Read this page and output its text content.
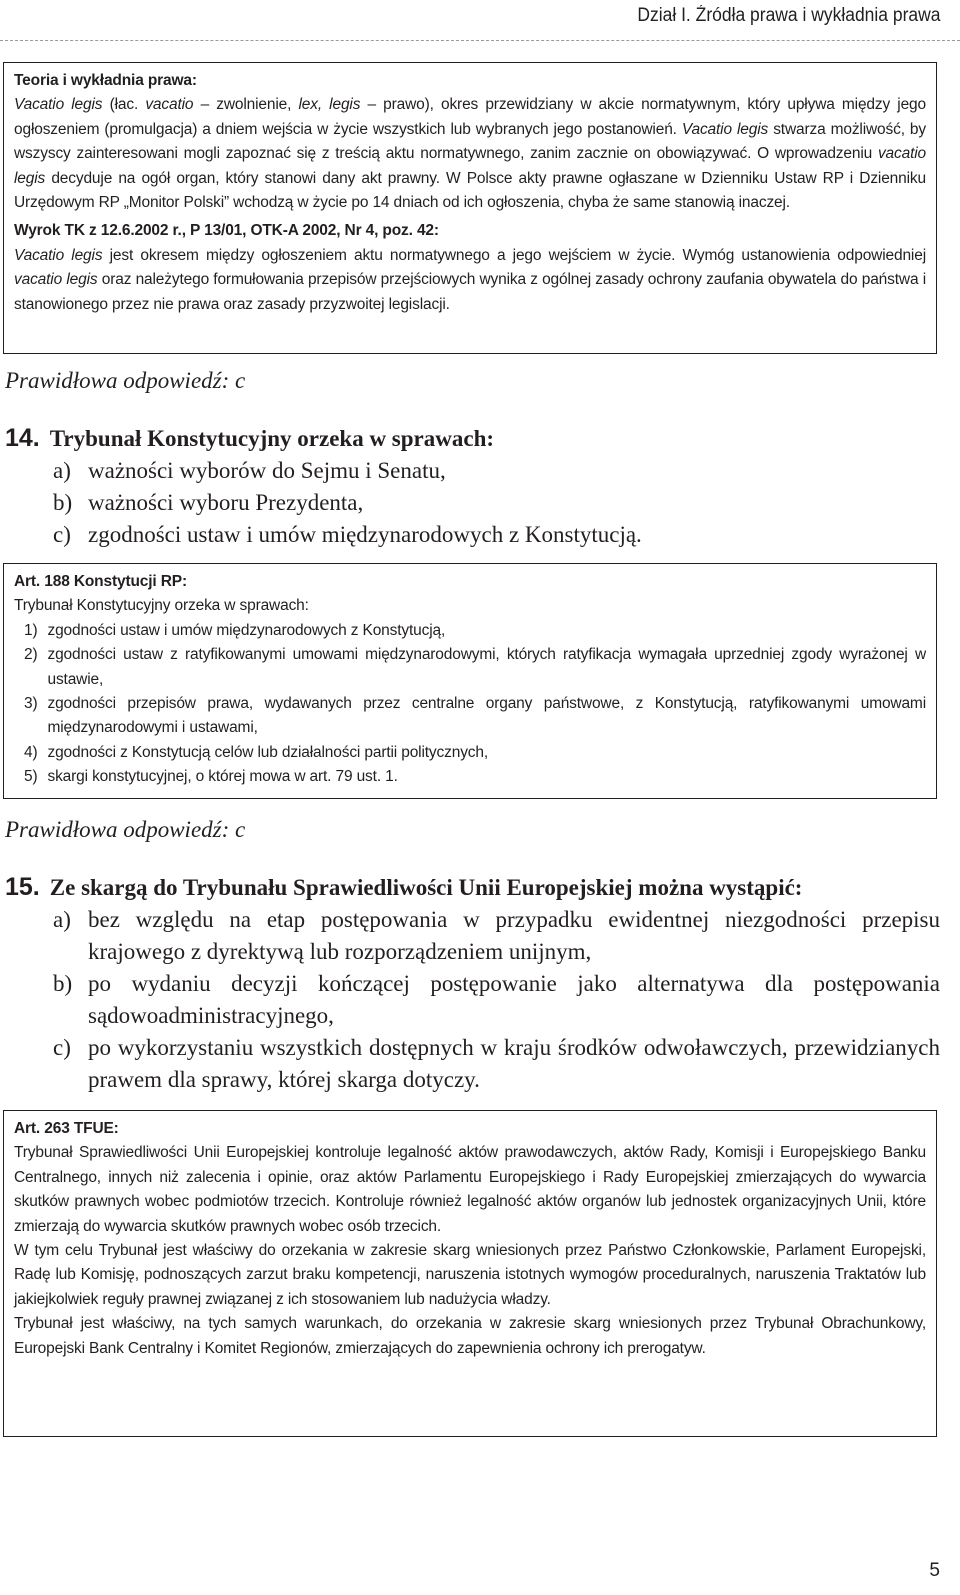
Dział I. Źródła prawa i wykładnia prawa

Teoria i wykładnia prawa:

Vacatio legis (łac. vacatio – zwolnienie, lex, legis – prawo), okres przewidziany w akcie normatywnym, który upływa między jego ogłoszeniem (promulgacja) a dniem wejścia w życie wszystkich lub wybranych jego postanowień. Vacatio legis stwarza możliwość, by wszyscy zainteresowani mogli zapoznać się z treścią aktu normatywnego, zanim zacznie on obowiązywać. O wprowadzeniu vacatio legis decyduje na ogół organ, który stanowi dany akt prawny. W Polsce akty prawne ogłaszane w Dzienniku Ustaw RP i Dzienniku Urzędowym RP „Monitor Polski” wchodzą w życie po 14 dniach od ich ogłoszenia, chyba że same stanowią inaczej.

Wyrok TK z 12.6.2002 r., P 13/01, OTK-A 2002, Nr 4, poz. 42:

Vacatio legis jest okresem między ogłoszeniem aktu normatywnego a jego wejściem w życie. Wymóg ustanowienia odpowiedniej vacatio legis oraz należytego formułowania przepisów przejściowych wynika z ogólnej zasady ochrony zaufania obywatela do państwa i stanowionego przez nie prawa oraz zasady przyzwoitej legislacji.

Prawidłowa odpowiedź: c
14. Trybunał Konstytucyjny orzeka w sprawach:
a) ważności wyborów do Sejmu i Senatu,
b) ważności wyboru Prezydenta,
c) zgodności ustaw i umów międzynarodowych z Konstytucją.

Art. 188 Konstytucji RP:

Trybunał Konstytucyjny orzeka w sprawach:

1) zgodności ustaw i umów międzynarodowych z Konstytucją,
2) zgodności ustaw z ratyfikowanymi umowami międzynarodowymi, których ratyfikacja wymagała uprzedniej zgody wyrażonej w ustawie,
3) zgodności przepisów prawa, wydawanych przez centralne organy państwowe, z Konstytucją, ratyfikowanymi umowami międzynarodowymi i ustawami,
4) zgodności z Konstytucją celów lub działalności partii politycznych,
5) skargi konstytucyjnej, o której mowa w art. 79 ust. 1.
Prawidłowa odpowiedź: c
15. Ze skargą do Trybunału Sprawiedliwości Unii Europejskiej można wystąpić:
a) bez względu na etap postępowania w przypadku ewidentnej niezgodności przepisu krajowego z dyrektywą lub rozporządzeniem unijnym,
b) po wydaniu decyzji kończącej postępowanie jako alternatywa dla postępowania sądowoadministracyjnego,
c) po wykorzystaniu wszystkich dostępnych w kraju środków odwoławczych, przewidzianych prawem dla sprawy, której skarga dotyczy.

Art. 263 TFUE:

Trybunał Sprawiedliwości Unii Europejskiej kontroluje legalność aktów prawodawczych, aktów Rady, Komisji i Europejskiego Banku Centralnego, innych niż zalecenia i opinie, oraz aktów Parlamentu Europejskiego i Rady Europejskiej zmierzających do wywarcia skutków prawnych wobec podmiotów trzecich. Kontroluje również legalność aktów organów lub jednostek organizacyjnych Unii, które zmierzają do wywarcia skutków prawnych wobec osób trzecich.

W tym celu Trybunał jest właściwy do orzekania w zakresie skarg wniesionych przez Państwo Członkowskie, Parlament Europejski, Radę lub Komisję, podnoszących zarzut braku kompetencji, naruszenia istotnych wymogów proceduralnych, naruszenia Traktatów lub jakiejkolwiek reguły prawnej związanej z ich stosowaniem lub nadużycia władzy.

Trybunał jest właściwy, na tych samych warunkach, do orzekania w zakresie skarg wniesionych przez Trybunał Obrachunkowy, Europejski Bank Centralny i Komitet Regionów, zmierzających do zapewnienia ochrony ich prerogatyw.

5
